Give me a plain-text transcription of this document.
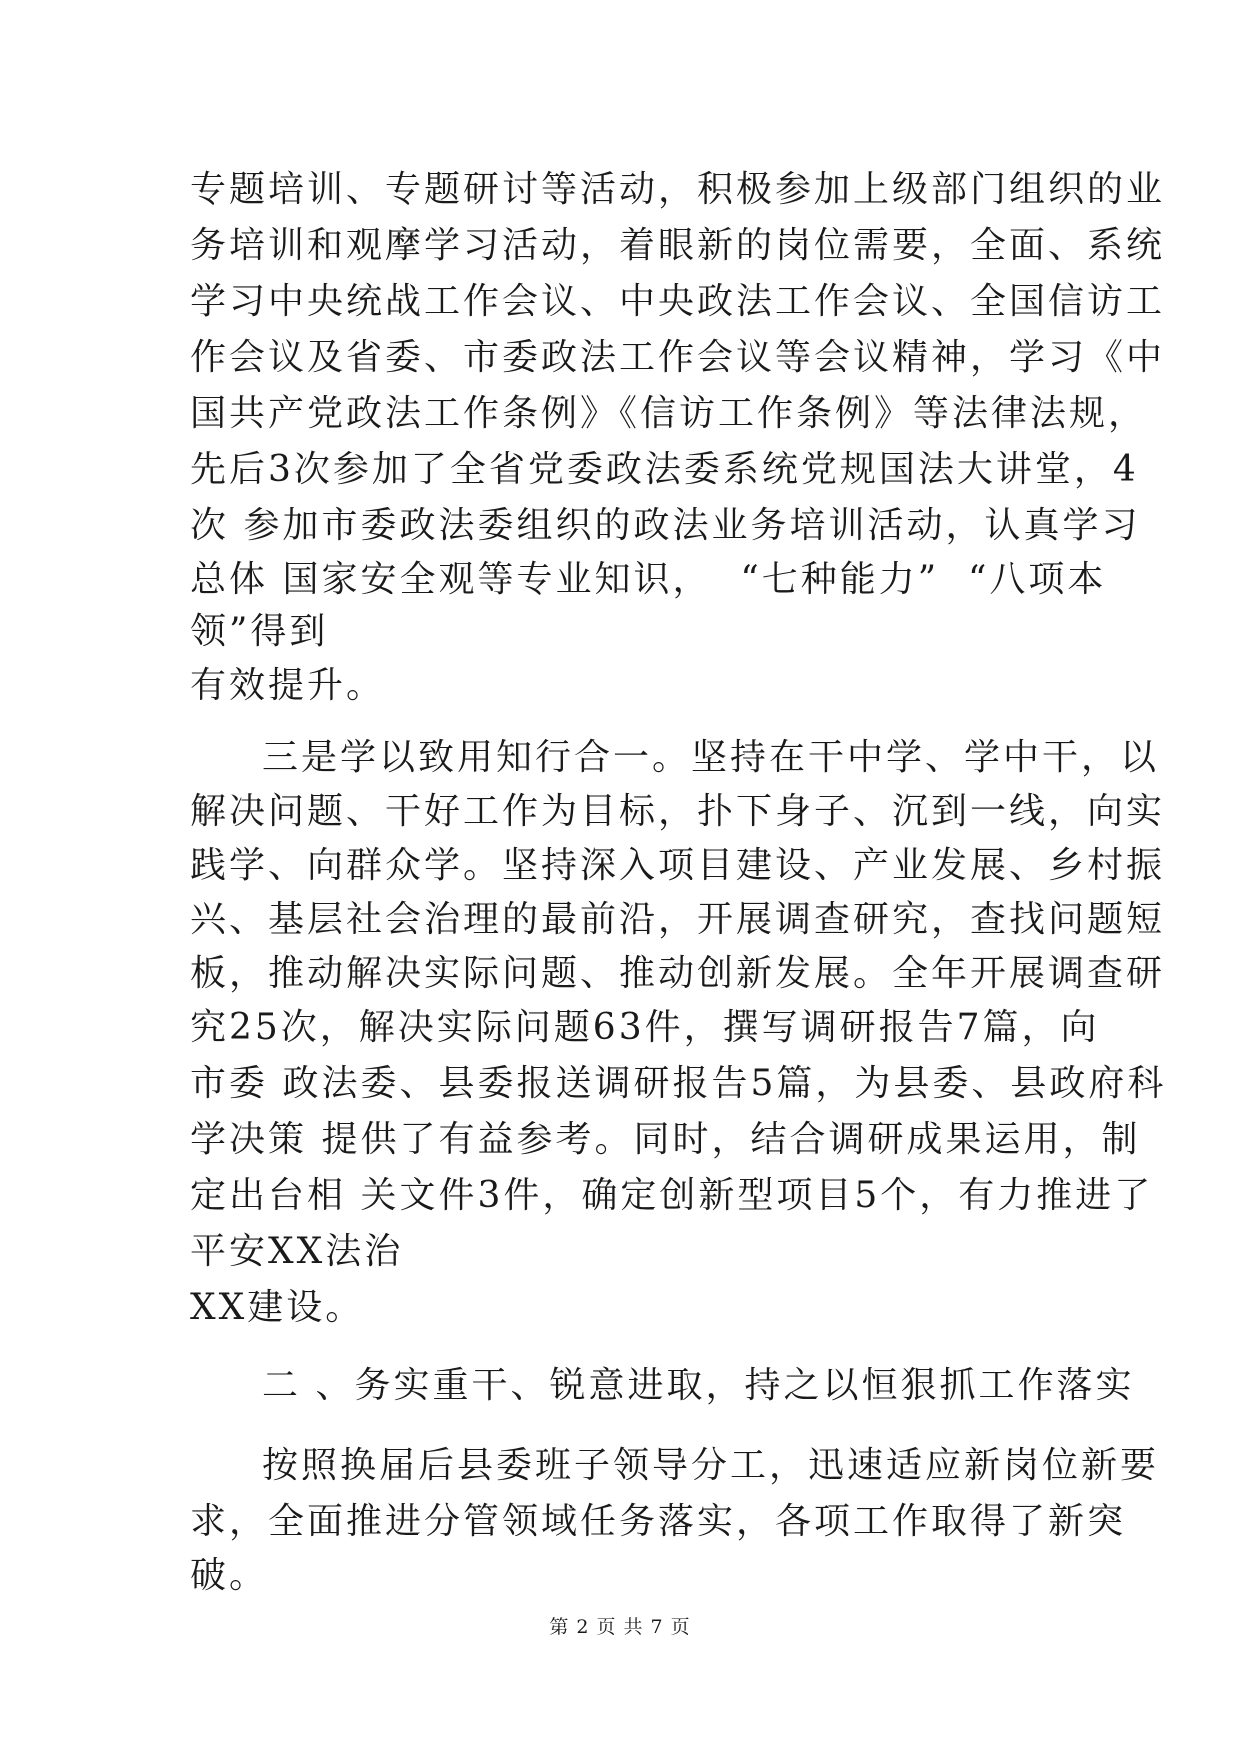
专题培训、专题研讨等活动，积极参加上级部门组织的业
务培训和观摩学习活动，着眼新的岗位需要，全面、系统
学习中央统战工作会议、中央政法工作会议、全国信访工
作会议及省委、市委政法工作会议等会议精神，学习《中
国共产党政法工作条例》《信访工作条例》等法律法规，
先后3次参加了全省党委政法委系统党规国法大讲堂，4
次 参加市委政法委组织的政法业务培训活动，认真学习
总体 国家安全观等专业知识，  “七种能力”  “八项本
领”得到
有效提升。
三是学以致用知行合一。坚持在干中学、学中干，以
解决问题、干好工作为目标，扑下身子、沉到一线，向实
践学、向群众学。坚持深入项目建设、产业发展、乡村振
兴、基层社会治理的最前沿，开展调查研究，查找问题短
板，推动解决实际问题、推动创新发展。全年开展调查研
究25次，解决实际问题63件，撰写调研报告7篇，向
市委 政法委、县委报送调研报告5篇，为县委、县政府科
学决策 提供了有益参考。同时，结合调研成果运用，制
定出台相 关文件3件，确定创新型项目5个，有力推进了
平安XX法治
XX建设。
二 、务实重干、锐意进取，持之以恒狠抓工作落实
按照换届后县委班子领导分工，迅速适应新岗位新要
求，全面推进分管领域任务落实，各项工作取得了新突
破。
第 2 页 共 7 页
